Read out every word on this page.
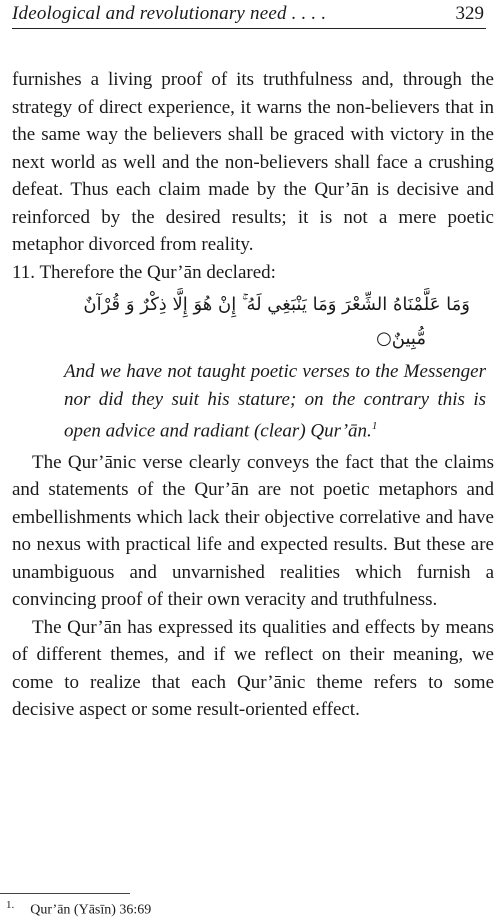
Ideological and revolutionary need . . . .	329

furnishes a living proof of its truthfulness and, through the strategy of direct experience, it warns the non-believers that in the same way the believers shall be graced with victory in the next world as well and the non-believers shall face a crushing defeat. Thus each claim made by the Qur’ān is decisive and reinforced by the desired results; it is not a mere poetic metaphor divorced from reality.

11. Therefore the Qur’ān declared:

وَمَا عَلَّمْنَاهُ الشِّعْرَ وَمَا يَنْبَغِي لَهُ ۚ إِنْ هُوَ إِلَّا ذِكْرٌ وَ قُرْآنٌ

مُّبِينٌ○

And we have not taught poetic verses to the Messenger nor did they suit his stature; on the contrary this is open advice and radiant (clear) Qur’ān.$^1$

The Qur’ānic verse clearly conveys the fact that the claims and statements of the Qur’ān are not poetic metaphors and embellishments which lack their objective correlative and have no nexus with practical life and expected results. But these are unambiguous and unvarnished realities which furnish a convincing proof of their own veracity and truthfulness.

The Qur’ān has expressed its qualities and effects by means of different themes, and if we reflect on their meaning, we come to realize that each Qur’ānic theme refers to some decisive aspect or some result-oriented effect.

$^{1.}$ Qur’ān (Yāsīn) 36:69
